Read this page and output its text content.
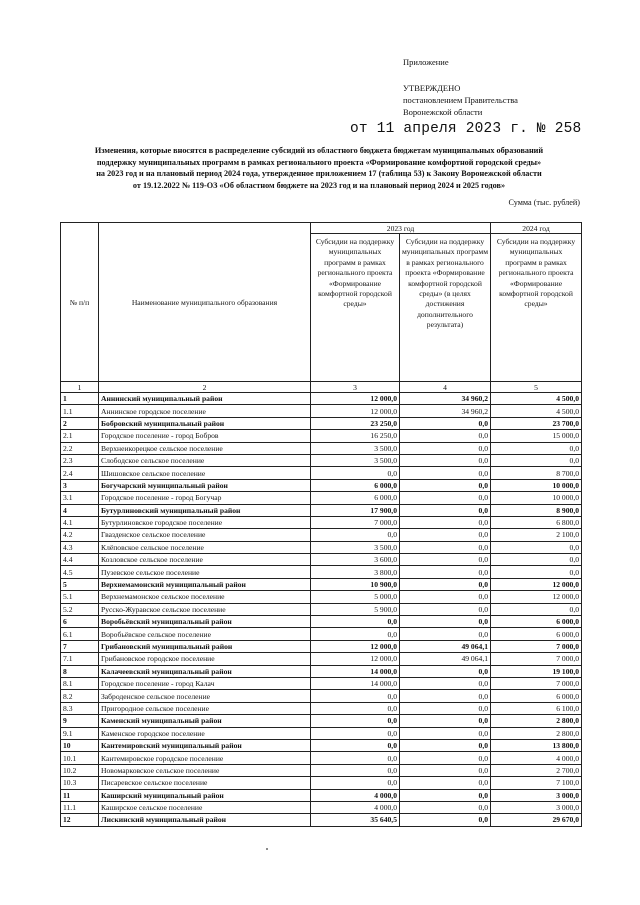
Приложение
УТВЕРЖДЕНО
постановлением Правительства
Воронежской области
от 11 апреля 2023 г. № 258
Изменения, которые вносятся в распределение субсидий из областного бюджета бюджетам муниципальных образований
поддержку муниципальных программ в рамках регионального проекта «Формирование комфортной городской среды»
на 2023 год и на плановый период 2024 года, утвержденное приложением 17 (таблица 53) к Закону Воронежской области
от 19.12.2022 № 119-ОЗ «Об областном бюджете на 2023 год и на плановый период 2024 и 2025 годов»
Сумма (тыс. рублей)
№ п/п	Наименование муниципального образования	2023 год		2024 год
		Субсидии на поддержку муниципальных программ в рамках регионального проекта «Формирование комфортной городской среды»	Субсидии на поддержку муниципальных программ в рамках регионального проекта «Формирование комфортной городской среды» (в целях достижения дополнительного результата)	Субсидии на поддержку муниципальных программ в рамках регионального проекта «Формирование комфортной городской среды»
1	2	3	4	5
1	Аннинский муниципальный район	12 000,0	34 960,2	4 500,0
1.1	Аннинское городское поселение	12 000,0	34 960,2	4 500,0
2	Бобровский муниципальный район	23 250,0	0,0	23 700,0
2.1	Городское поселение - город Бобров	16 250,0	0,0	15 000,0
2.2	Верхнеикорецкое сельское поселение	3 500,0	0,0	0,0
2.3	Слободское сельское поселение	3 500,0	0,0	0,0
2.4	Шишовское сельское поселение	0,0	0,0	8 700,0
3	Богучарский муниципальный район	6 000,0	0,0	10 000,0
3.1	Городское поселение - город Богучар	6 000,0	0,0	10 000,0
4	Бутурлиновский муниципальный район	17 900,0	0,0	8 900,0
4.1	Бутурлиновское городское поселение	7 000,0	0,0	6 800,0
4.2	Гвазденское сельское поселение	0,0	0,0	2 100,0
4.3	Клёповское сельское поселение	3 500,0	0,0	0,0
4.4	Козловское сельское поселение	3 600,0	0,0	0,0
4.5	Пузевское сельское поселение	3 800,0	0,0	0,0
5	Верхнемамонский муниципальный район	10 900,0	0,0	12 000,0
5.1	Верхнемамонское сельское поселение	5 000,0	0,0	12 000,0
5.2	Русско-Журавское сельское поселение	5 900,0	0,0	0,0
6	Воробьёвский муниципальный район	0,0	0,0	6 000,0
6.1	Воробьёвское сельское поселение	0,0	0,0	6 000,0
7	Грибановский муниципальный район	12 000,0	49 064,1	7 000,0
7.1	Грибановское городское поселение	12 000,0	49 064,1	7 000,0
8	Калачеевский муниципальный район	14 000,0	0,0	19 100,0
8.1	Городское поселение - город Калач	14 000,0	0,0	7 000,0
8.2	Заброденское сельское поселение	0,0	0,0	6 000,0
8.3	Пригородное сельское поселение	0,0	0,0	6 100,0
9	Каменский муниципальный район	0,0	0,0	2 800,0
9.1	Каменское городское поселение	0,0	0,0	2 800,0
10	Кантемировский муниципальный район	0,0	0,0	13 800,0
10.1	Кантемировское городское поселение	0,0	0,0	4 000,0
10.2	Новомарковское сельское поселение	0,0	0,0	2 700,0
10.3	Писаревское сельское поселение	0,0	0,0	7 100,0
11	Каширский муниципальный район	4 000,0	0,0	3 000,0
11.1	Каширское сельское поселение	4 000,0	0,0	3 000,0
12	Лискинский муниципальный район	35 640,5	0,0	29 670,0
